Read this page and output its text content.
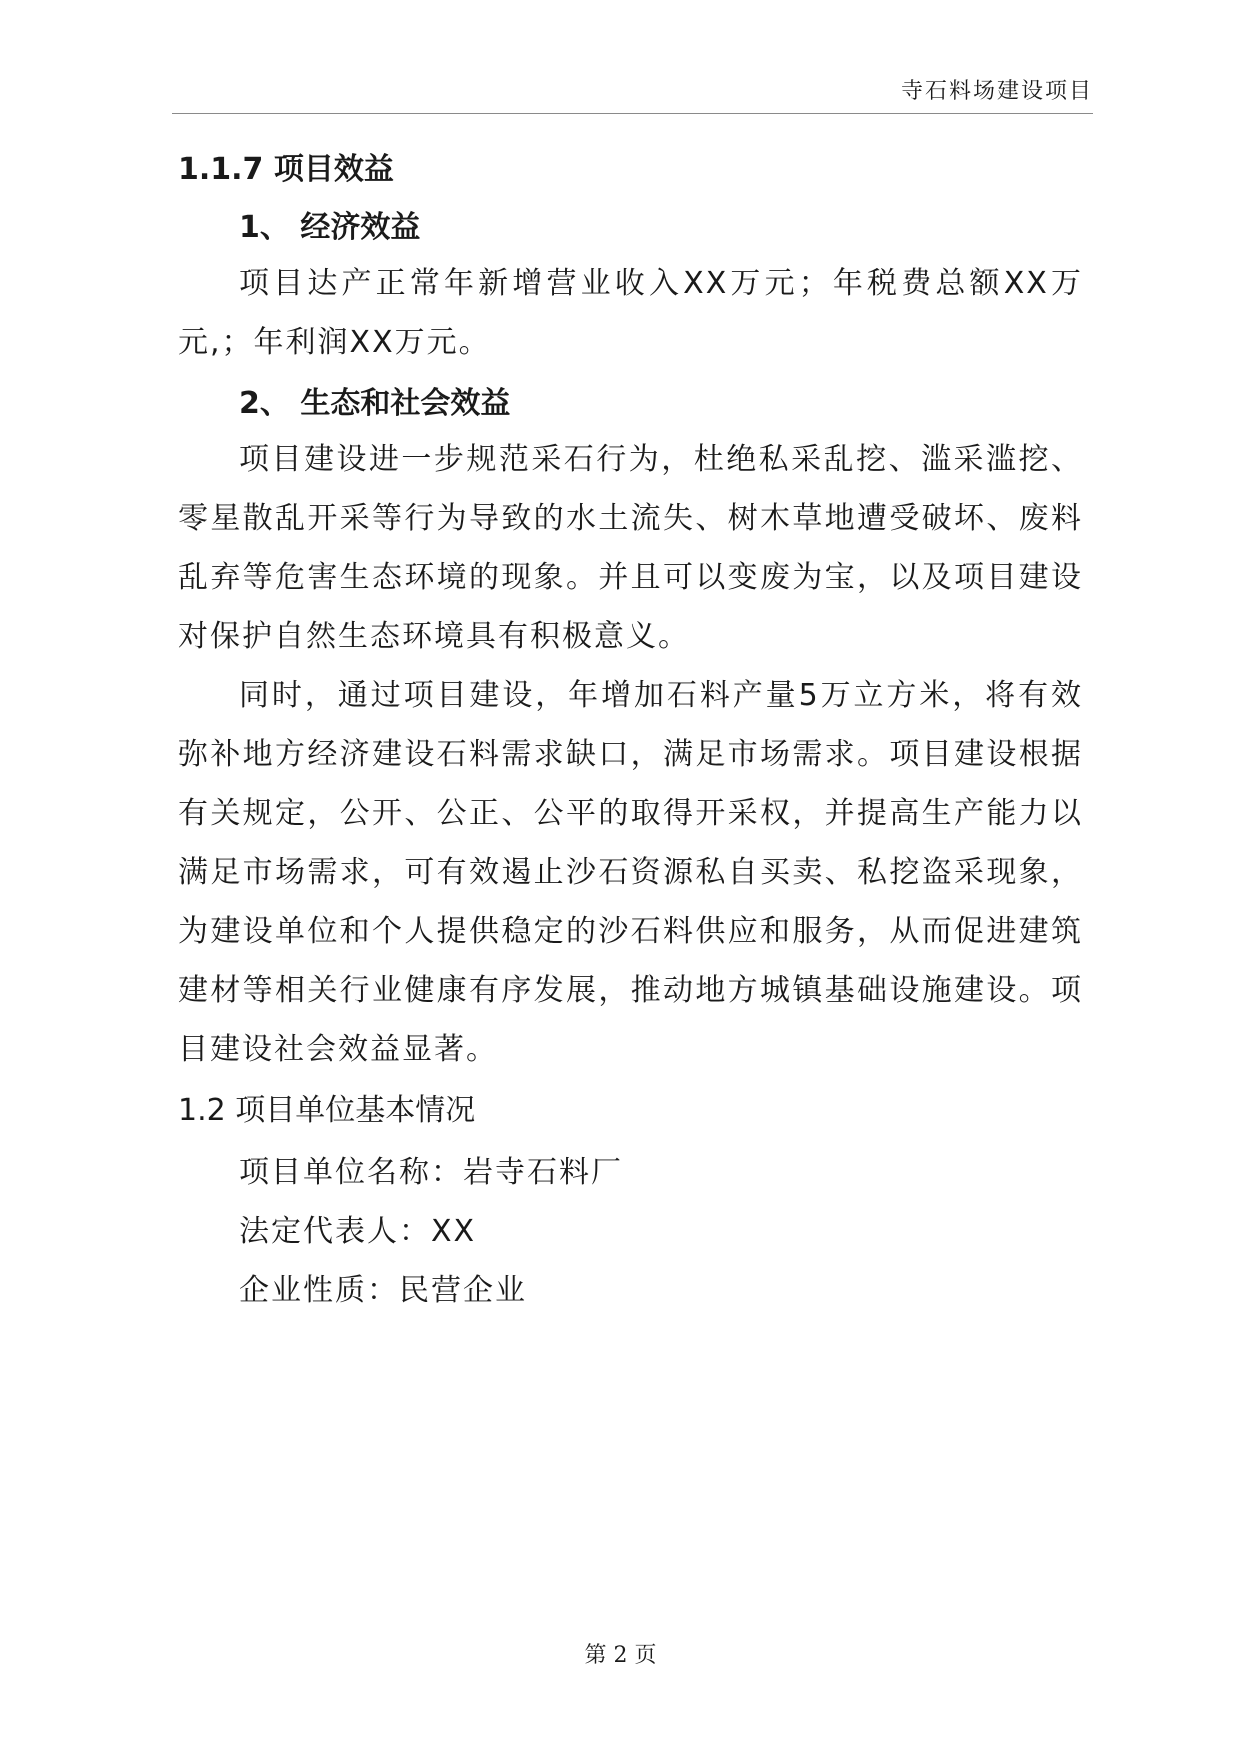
寺石料场建设项目
1.1.7 项目效益
1、 经济效益

项目达产正常年新增营业收入XX万元；年税费总额XX万元,；年利润XX万元。

2、 生态和社会效益

项目建设进一步规范采石行为，杜绝私采乱挖、滥采滥挖、零星散乱开采等行为导致的水土流失、树木草地遭受破坏、废料乱弃等危害生态环境的现象。并且可以变废为宝，以及项目建设对保护自然生态环境具有积极意义。

同时，通过项目建设，年增加石料产量5万立方米，将有效弥补地方经济建设石料需求缺口，满足市场需求。项目建设根据有关规定，公开、公正、公平的取得开采权，并提高生产能力以满足市场需求，可有效遏止沙石资源私自买卖、私挖盗采现象，为建设单位和个人提供稳定的沙石料供应和服务，从而促进建筑建材等相关行业健康有序发展，推动地方城镇基础设施建设。项目建设社会效益显著。

1.2 项目单位基本情况

项目单位名称：岩寺石料厂

法定代表人：XX

企业性质：民营企业

第 2 页
